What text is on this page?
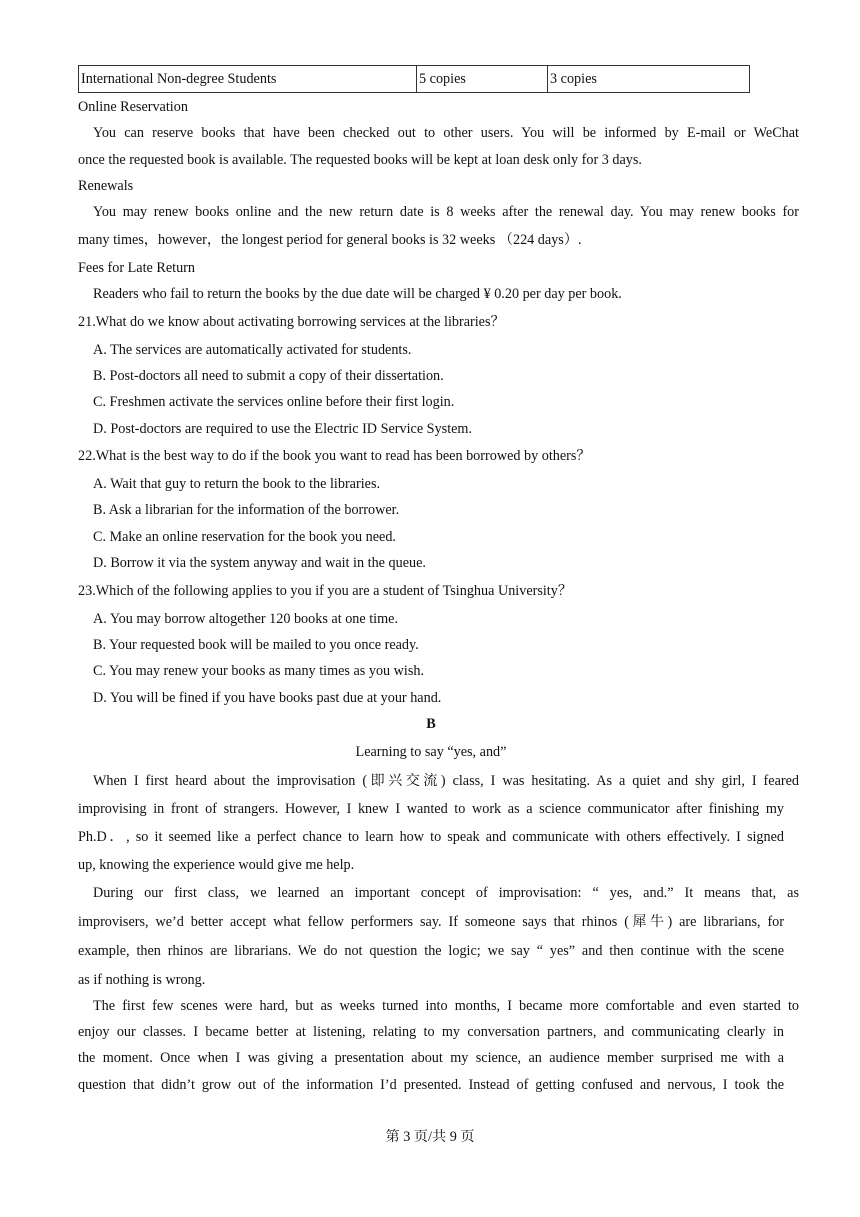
International Non-degree Students	5 copies	3 copies
Online Reservation
You can reserve books that have been checked out to other users. You will be informed by E-mail or WeChat
once the requested book is available. The requested books will be kept at loan desk only for 3 days.
Renewals
You may renew books online and the new return date is 8 weeks after the renewal day. You may renew books for
many times，however，the longest period for general books is 32 weeks （224 days）.
Fees for Late Return
Readers who fail to return the books by the due date will be charged ¥ 0.20 per day per book.
21.What do we know about activating borrowing services at the libraries？
A. The services are automatically activated for students.
B. Post-doctors all need to submit a copy of their dissertation.
C. Freshmen activate the services online before their first login.
D. Post-doctors are required to use the Electric ID Service System.
22.What is the best way to do if the book you want to read has been borrowed by others？
A. Wait that guy to return the book to the libraries.
B. Ask a librarian for the information of the borrower.
C. Make an online reservation for the book you need.
D. Borrow it via the system anyway and wait in the queue.
23.Which of the following applies to you if you are a student of Tsinghua University？
A. You may borrow altogether 120 books at one time.
B. Your requested book will be mailed to you once ready.
C. You may renew your books as many times as you wish.
D. You will be fined if you have books past due at your hand.
B
Learning to say “yes, and”
When I first heard about the improvisation (即兴交流) class, I was hesitating. As a quiet and shy girl, I feared
improvising in front of strangers. However, I knew I wanted to work as a science communicator after finishing my
Ph.D．, so it seemed like a perfect chance to learn how to speak and communicate with others effectively. I signed
up, knowing the experience would give me help.
During our first class, we learned an important concept of improvisation: “ yes, and.” It means that, as
improvisers, we’d better accept what fellow performers say. If someone says that rhinos (犀牛) are librarians, for
example, then rhinos are librarians. We do not question the logic; we say “ yes” and then continue with the scene
as if nothing is wrong.
The first few scenes were hard, but as weeks turned into months, I became more comfortable and even started to
enjoy our classes. I became better at listening, relating to my conversation partners, and communicating clearly in
the moment. Once when I was giving a presentation about my science, an audience member surprised me with a
question that didn’t grow out of the information I’d presented. Instead of getting confused and nervous, I took the
第 3 页/共 9 页
